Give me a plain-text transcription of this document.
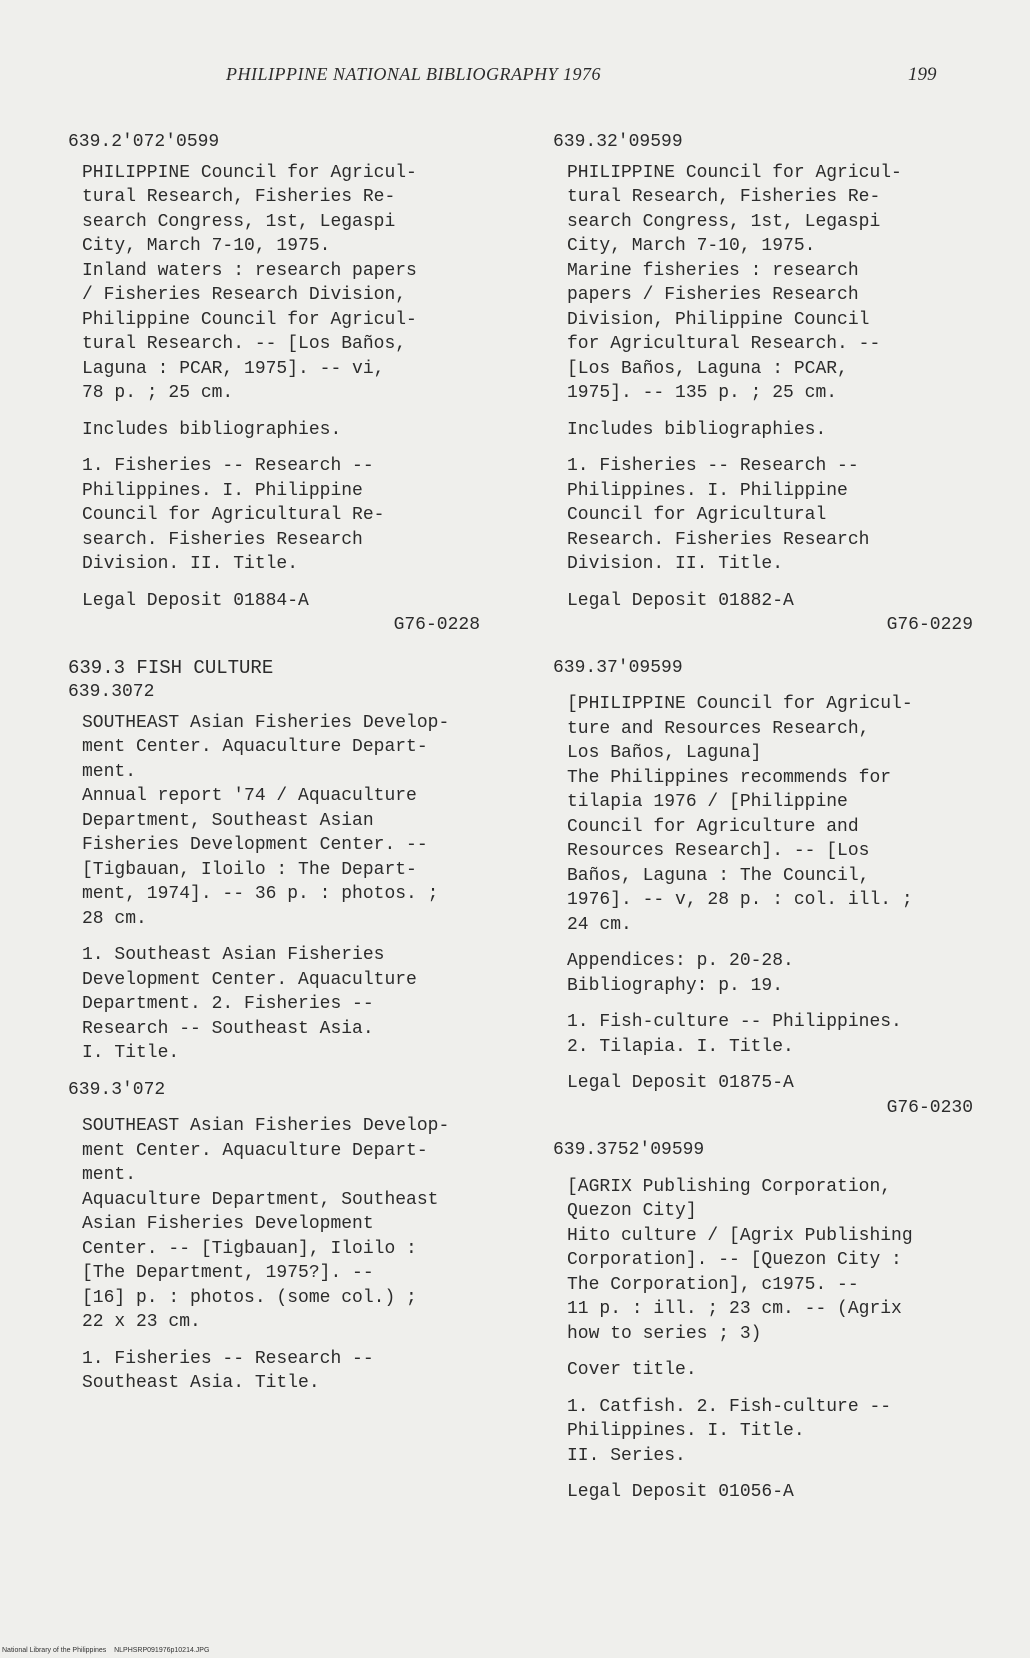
PHILIPPINE NATIONAL BIBLIOGRAPHY 1976	199
639.2'072'0599
PHILIPPINE Council for Agricul-
tural Research, Fisheries Re-
search Congress, 1st, Legaspi
City, March 7-10, 1975.
Inland waters : research papers
/ Fisheries Research Division,
Philippine Council for Agricul-
tural Research. -- [Los Baños,
Laguna : PCAR, 1975]. -- vi,
78 p. ; 25 cm.
Includes bibliographies.
1. Fisheries -- Research --
Philippines. I. Philippine
Council for Agricultural Re-
search. Fisheries Research
Division. II. Title.
Legal Deposit 01884-A
G76-0228
639.3 FISH CULTURE
639.3072
SOUTHEAST Asian Fisheries Develop-
ment Center. Aquaculture Depart-
ment.
Annual report '74 / Aquaculture
Department, Southeast Asian
Fisheries Development Center. --
[Tigbauan, Iloilo : The Depart-
ment, 1974]. -- 36 p. : photos. ;
28 cm.
1. Southeast Asian Fisheries
Development Center. Aquaculture
Department. 2. Fisheries --
Research -- Southeast Asia.
I. Title.
639.3'072
SOUTHEAST Asian Fisheries Develop-
ment Center. Aquaculture Depart-
ment.
Aquaculture Department, Southeast
Asian Fisheries Development
Center. -- [Tigbauan], Iloilo :
[The Department, 1975?]. --
[16] p. : photos. (some col.) ;
22 x 23 cm.
1. Fisheries -- Research --
Southeast Asia. Title.
639.32'09599
PHILIPPINE Council for Agricul-
tural Research, Fisheries Re-
search Congress, 1st, Legaspi
City, March 7-10, 1975.
Marine fisheries : research
papers / Fisheries Research
Division, Philippine Council
for Agricultural Research. --
[Los Baños, Laguna : PCAR,
1975]. -- 135 p. ; 25 cm.
Includes bibliographies.
1. Fisheries -- Research --
Philippines. I. Philippine
Council for Agricultural
Research. Fisheries Research
Division. II. Title.
Legal Deposit 01882-A
G76-0229
639.37'09599
[PHILIPPINE Council for Agricul-
ture and Resources Research,
Los Baños, Laguna]
The Philippines recommends for
tilapia 1976 / [Philippine
Council for Agriculture and
Resources Research]. -- [Los
Baños, Laguna : The Council,
1976]. -- v, 28 p. : col. ill. ;
24 cm.
Appendices: p. 20-28.
Bibliography: p. 19.
1. Fish-culture -- Philippines.
2. Tilapia. I. Title.
Legal Deposit 01875-A
G76-0230
639.3752'09599
[AGRIX Publishing Corporation,
Quezon City]
Hito culture / [Agrix Publishing
Corporation]. -- [Quezon City :
The Corporation], c1975. --
11 p. : ill. ; 23 cm. -- (Agrix
how to series ; 3)
Cover title.
1. Catfish. 2. Fish-culture --
Philippines. I. Title.
II. Series.
Legal Deposit 01056-A
National Library of the Philippines NLPHSRP091976p10214.JPG
